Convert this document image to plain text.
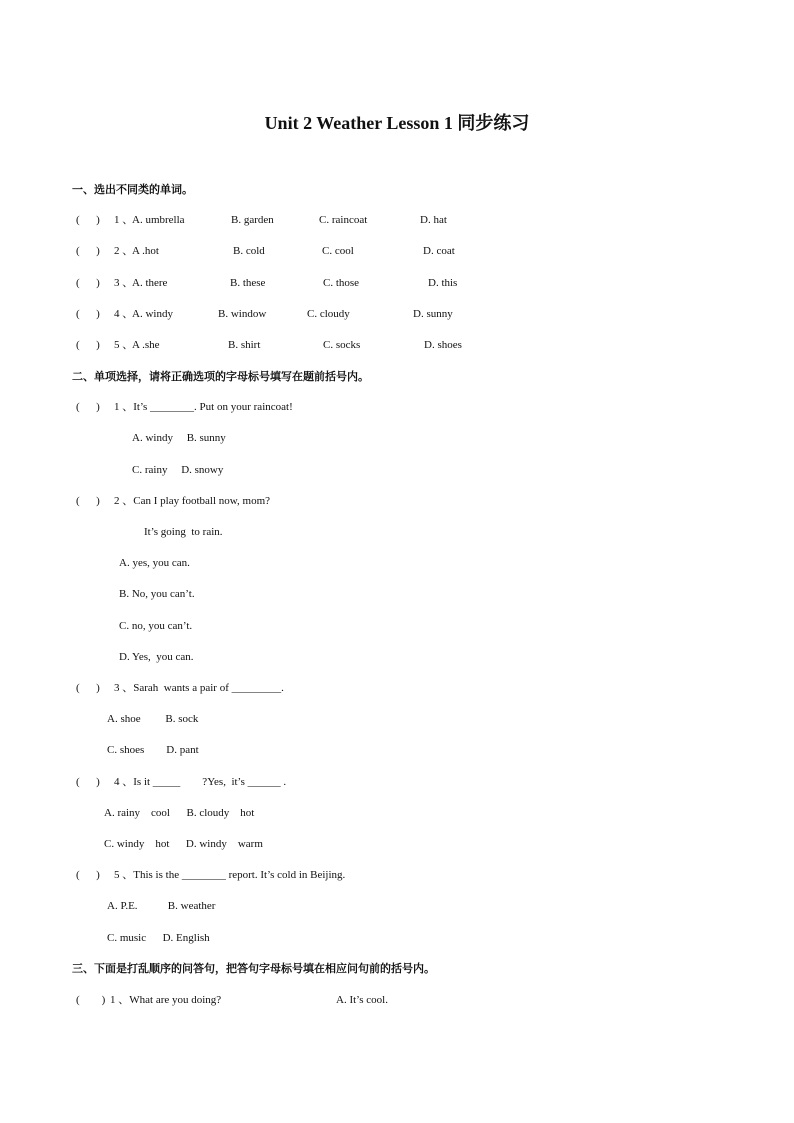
Unit 2 Weather Lesson 1 同步练习
一、选出不同类的单词。
(      ) 1 、
A. umbrella	B. garden	C. raincoat	D. hat
(      ) 2 、
A .hot	B. cold	C. cool	D. coat
(      ) 3 、
A. there	B. these	C. those	D. this
(      ) 4 、
A. windy	B. window	C. cloudy	D. sunny
(      ) 5 、
A .she	B. shirt	C. socks	D. shoes
二、单项选择，请将正确选项的字母标号填写在题前括号内。
(      ) 1 、It’s ________. Put on your raincoat!
A. windy     B. sunny
C. rainy     D. snowy
(      ) 2 、Can I play football now, mom?
It’s going  to rain.
A. yes, you can.
B. No, you can’t.
C. no, you can’t.
D. Yes,  you can.
(      ) 3 、Sarah  wants a pair of _________.
A. shoe         B. sock
C. shoes        D. pant
(      ) 4 、Is it _____        ?Yes,  it’s ______ .
A. rainy    cool      B. cloudy    hot
C. windy    hot      D. windy    warm
(      ) 5 、This is the ________ report. It’s cold in Beijing.
A. P.E.           B. weather
C. music      D. English
三、下面是打乱顺序的问答句，把答句字母标号填在相应问句前的括号内。
(        ) 1 、What are you doing?	A. It’s cool.
